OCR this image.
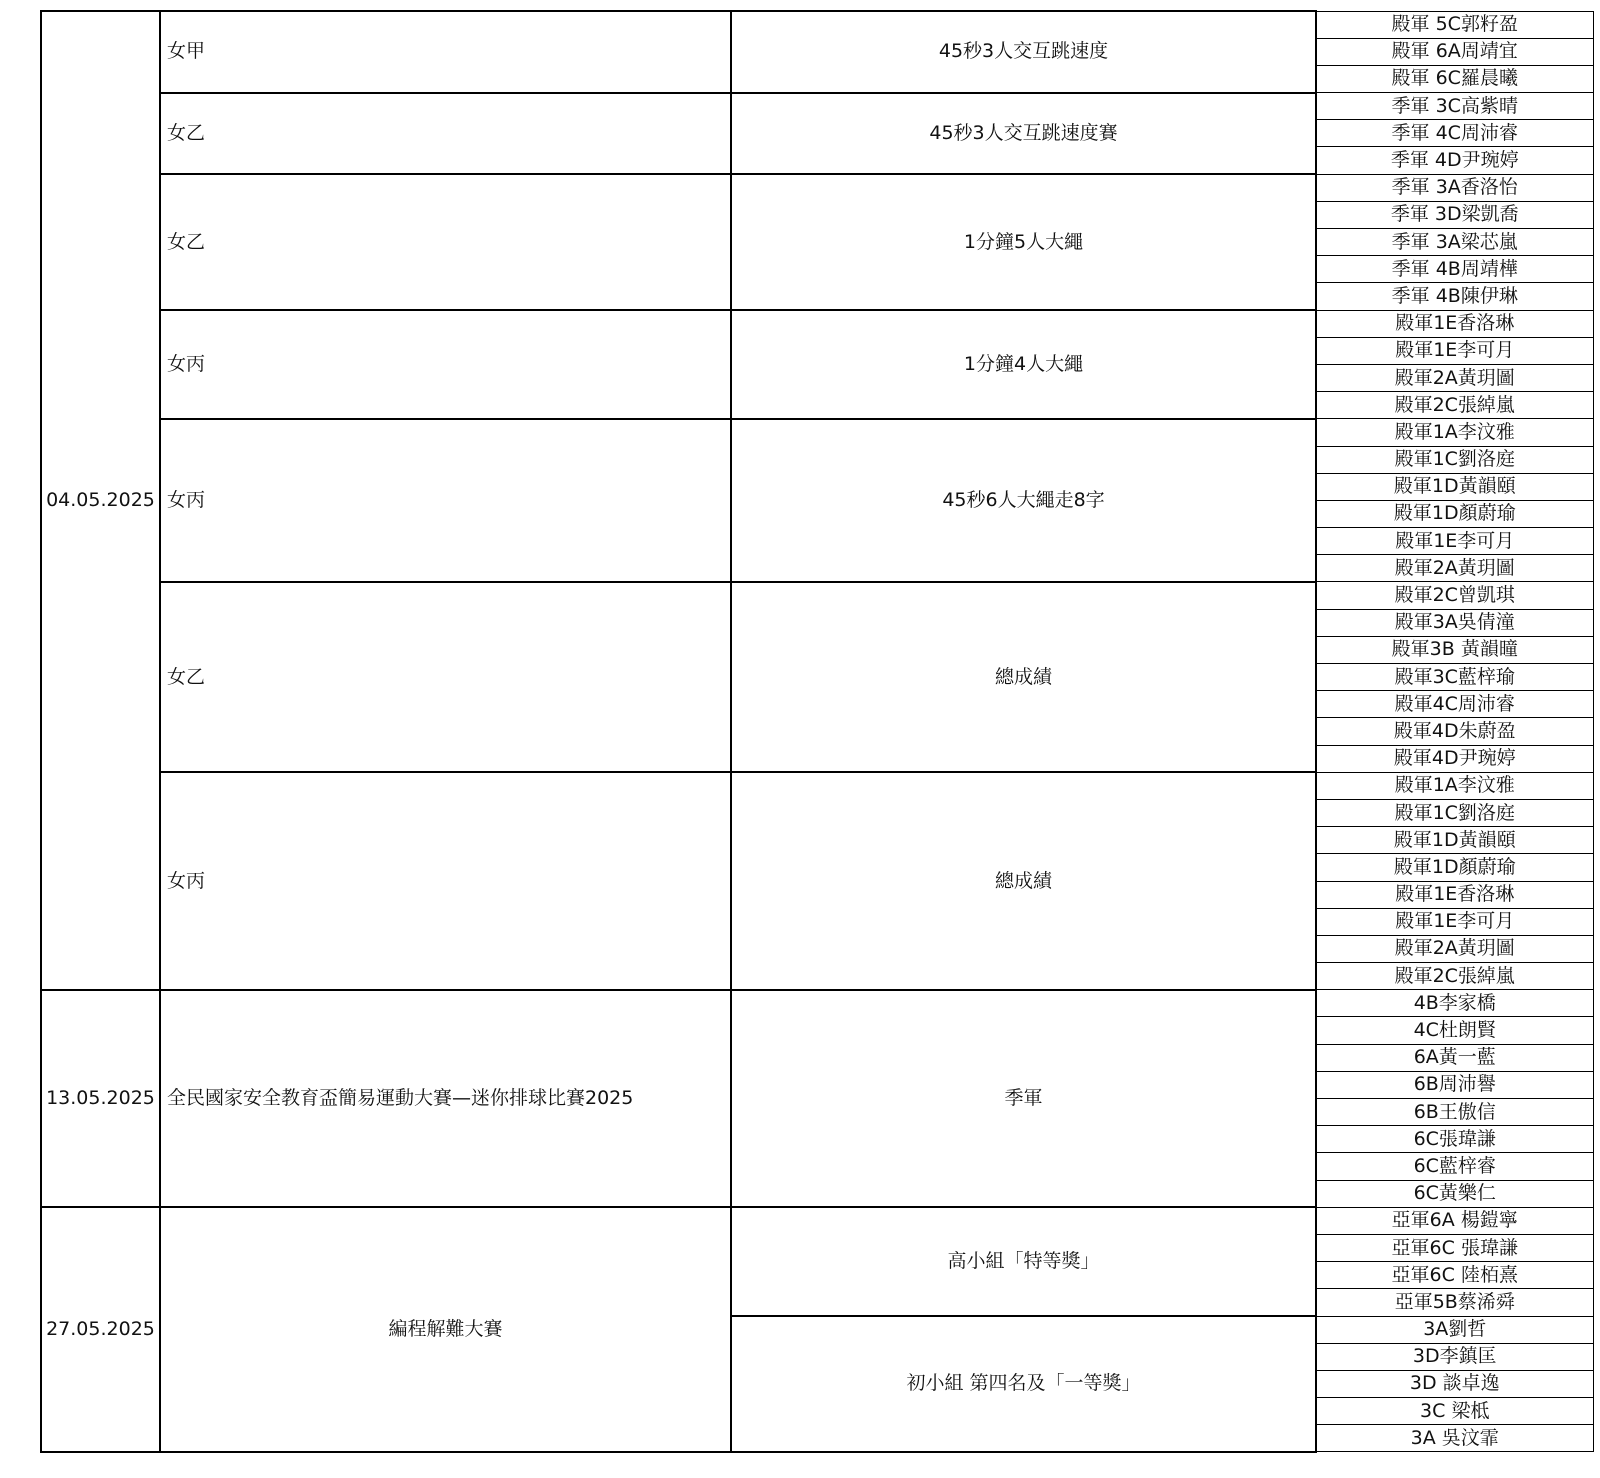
04.05.2025	女甲	45秒3人交互跳速度	殿軍 5C郭籽盈
			殿軍 6A周靖宜
			殿軍 6C羅晨曦
	女乙	45秒3人交互跳速度賽	季軍 3C高紫晴
			季軍 4C周沛睿
			季軍 4D尹琬婷
	女乙	1分鐘5人大繩	季軍 3A香洛怡
			季軍 3D梁凱喬
			季軍 3A梁芯嵐
			季軍 4B周靖樺
			季軍 4B陳伊琳
	女丙	1分鐘4人大繩	殿軍1E香洛琳
			殿軍1E李可月
			殿軍2A黃玥圖
			殿軍2C張綽嵐
	女丙	45秒6人大繩走8字	殿軍1A李汶雅
			殿軍1C劉洛庭
			殿軍1D黃韻頤
			殿軍1D顏蔚瑜
			殿軍1E李可月
			殿軍2A黃玥圖
	女乙	總成績	殿軍2C曾凱琪
			殿軍3A吳倩潼
			殿軍3B 黃韻曈
			殿軍3C藍梓瑜
			殿軍4C周沛睿
			殿軍4D朱蔚盈
			殿軍4D尹琬婷
	女丙	總成績	殿軍1A李汶雅
			殿軍1C劉洛庭
			殿軍1D黃韻頤
			殿軍1D顏蔚瑜
			殿軍1E香洛琳
			殿軍1E李可月
			殿軍2A黃玥圖
			殿軍2C張綽嵐
13.05.2025	全民國家安全教育盃簡易運動大賽—迷你排球比賽2025	季軍	4B李家橋
			4C杜朗賢
			6A黃一藍
			6B周沛譽
			6B王傲信
			6C張瑋謙
			6C藍梓睿
			6C黃樂仁
27.05.2025	編程解難大賽	高小組「特等獎」	亞軍6A 楊鎧寧
			亞軍6C 張瑋謙
			亞軍6C 陸栢熹
			亞軍5B蔡浠舜
		初小組 第四名及「一等獎」	3A劉哲
			3D李鎮匡
			3D 談卓逸
			3C 梁柢
			3A 吳汶霏
